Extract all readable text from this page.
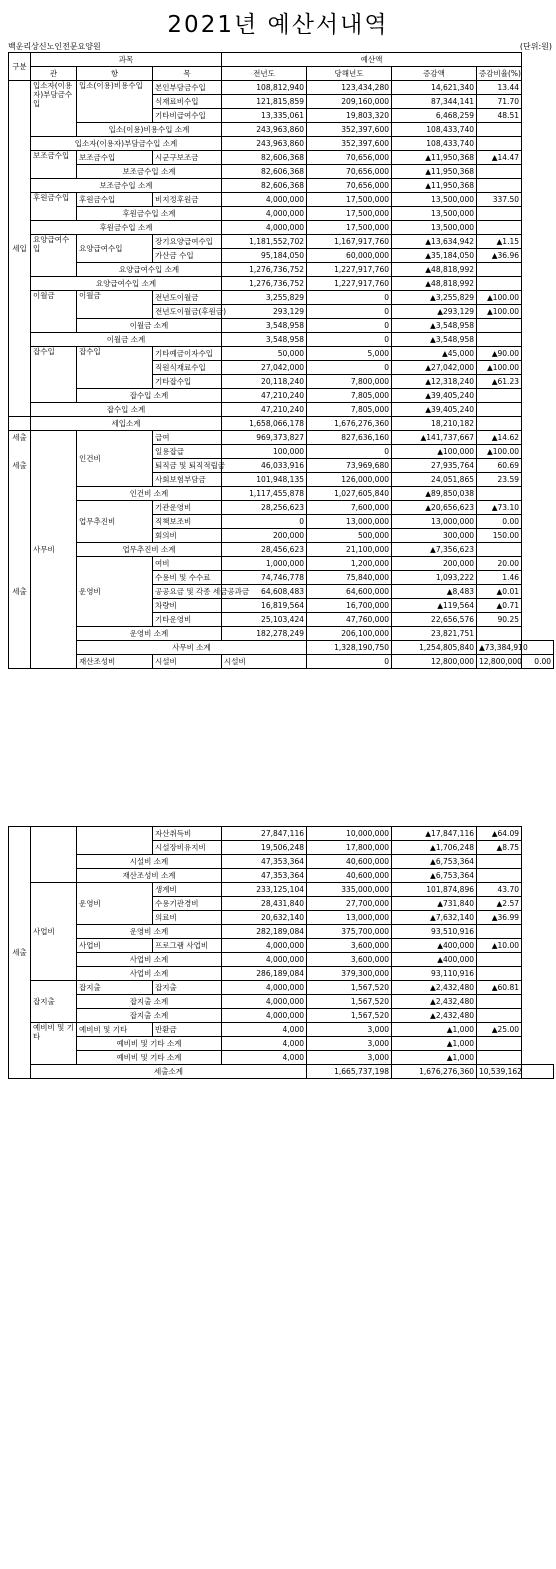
2021년 예산서내역
백운리상신노인전문요양원	(단위:원)
구분	과목			예산액				
	관	항	목	전년도	당해년도	증감액	증감비율(%)	
세입	입소자(이용자)부담금수입	입소(이용)비용수입	본인부담금수입	108,812,940	123,434,280	14,621,340	13.44	
			식재료비수입	121,815,859	209,160,000	87,344,141	71.70	
			기타비급여수입	13,335,061	19,803,320	6,468,259	48.51	
		입소(이용)비용수입 소계		243,963,860	352,397,600	108,433,740		
	입소자(이용자)부담금수입 소계			243,963,860	352,397,600	108,433,740		
	보조금수입	보조금수입	시군구보조금	82,606,368	70,656,000	▲11,950,368	▲14.47	
		보조금수입 소계		82,606,368	70,656,000	▲11,950,368		
	보조금수입 소계			82,606,368	70,656,000	▲11,950,368		
	후원금수입	후원금수입	비지정후원금	4,000,000	17,500,000	13,500,000	337.50	
		후원금수입 소계		4,000,000	17,500,000	13,500,000		
	후원금수입 소계			4,000,000	17,500,000	13,500,000		
	요양급여수입	요양급여수입	장기요양급여수입	1,181,552,702	1,167,917,760	▲13,634,942	▲1.15	
			가산금 수입	95,184,050	60,000,000	▲35,184,050	▲36.96	
		요양급여수입 소계		1,276,736,752	1,227,917,760	▲48,818,992		
	요양급여수입 소계			1,276,736,752	1,227,917,760	▲48,818,992		
	이월금	이월금	전년도이월금	3,255,829	0	▲3,255,829	▲100.00	
			전년도이월금(후원금)	293,129	0	▲293,129	▲100.00	
		이월금 소계		3,548,958	0	▲3,548,958		
	이월금 소계			3,548,958	0	▲3,548,958		
	잡수입	잡수입	기타예금이자수입	50,000	5,000	▲45,000	▲90.00	
			직원식재료수입	27,042,000	0	▲27,042,000	▲100.00	
			기타잡수입	20,118,240	7,800,000	▲12,318,240	▲61.23	
		잡수입 소계		47,210,240	7,805,000	▲39,405,240		
	잡수입 소계			47,210,240	7,805,000	▲39,405,240		
	세입소계			1,658,066,178	1,676,276,360	18,210,182		
세출	사무비	인건비	급여	969,373,827	827,636,160	▲141,737,667	▲14.62	
			일용잡급	100,000	0	▲100,000	▲100.00	
세출			퇴직금 및 퇴직적립금	46,033,916	73,969,680	27,935,764	60.69	
			사회보험부담금	101,948,135	126,000,000	24,051,865	23.59	
		인건비 소계		1,117,455,878	1,027,605,840	▲89,850,038		
		업무추진비	기관운영비	28,256,623	7,600,000	▲20,656,623	▲73.10	
			직책보조비	0	13,000,000	13,000,000	0.00	
			회의비	200,000	500,000	300,000	150.00	
		업무추진비 소계		28,456,623	21,100,000	▲7,356,623		
		운영비	여비	1,000,000	1,200,000	200,000	20.00	
			수용비 및 수수료	74,746,778	75,840,000	1,093,222	1.46	
세출			공공요금 및 각종 세금공과금	64,608,483	64,600,000	▲8,483	▲0.01	
			차량비	16,819,564	16,700,000	▲119,564	▲0.71	
			기타운영비	25,103,424	47,760,000	22,656,576	90.25	
		운영비 소계		182,278,249	206,100,000	23,821,751		
		사무비 소계			1,328,190,750	1,254,805,840	▲73,384,910	
		재산조성비	시설비	시설비	0	12,800,000	12,800,000	0.00
세출			자산취득비	27,847,116	10,000,000	▲17,847,116	▲64.09	
			시설장비유지비	19,506,248	17,800,000	▲1,706,248	▲8.75	
		시설비 소계		47,353,364	40,600,000	▲6,753,364		
		재산조성비 소계		47,353,364	40,600,000	▲6,753,364		
	사업비	운영비	생계비	233,125,104	335,000,000	101,874,896	43.70	
			수용기관경비	28,431,840	27,700,000	▲731,840	▲2.57	
			의료비	20,632,140	13,000,000	▲7,632,140	▲36.99	
		운영비 소계		282,189,084	375,700,000	93,510,916		
		사업비	프로그램 사업비	4,000,000	3,600,000	▲400,000	▲10.00	
		사업비 소계		4,000,000	3,600,000	▲400,000		
		사업비 소계		286,189,084	379,300,000	93,110,916		
	잡지출	잡지출	잡지출	4,000,000	1,567,520	▲2,432,480	▲60.81	
		잡지출 소계		4,000,000	1,567,520	▲2,432,480		
		잡지출 소계		4,000,000	1,567,520	▲2,432,480		
	예비비 및 기타	예비비 및 기타	반환금	4,000	3,000	▲1,000	▲25.00	
		예비비 및 기타 소계		4,000	3,000	▲1,000		
		예비비 및 기타 소계		4,000	3,000	▲1,000		
	세출소계				1,665,737,198	1,676,276,360	10,539,162	
